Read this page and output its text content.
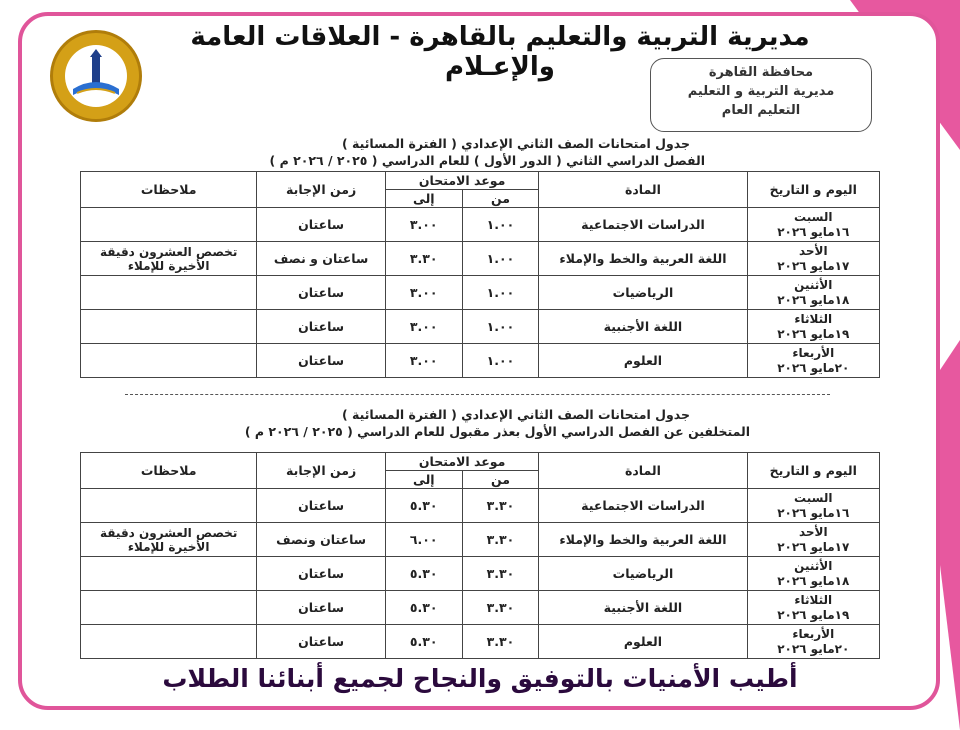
مديرية التربية والتعليم بالقاهرة - العلاقات العامة والإعـلام	محافظة القاهرة
مديرية التربية و التعليم
التعليم العام
جدول امتحانات الصف الثاني الإعدادي ( الفترة المسائية )
الفصل الدراسي الثاني ( الدور الأول ) للعام الدراسي ( ٢٠٢٥ / ٢٠٢٦ م )
اليوم و التاريخ	المادة	موعد الامتحان		زمن الإجابة	ملاحظات
		من	إلى		

السبت
١٦مايو ٢٠٢٦	الدراسات الاجتماعية	١.٠٠	٣.٠٠	ساعتان	

الأحد
١٧مايو ٢٠٢٦	اللغة العربية والخط والإملاء	١.٠٠	٣.٣٠	ساعتان و نصف	تخصص العشرون دقيقة الأخيرة للإملاء

الأثنين
١٨مايو ٢٠٢٦	الرياضيات	١.٠٠	٣.٠٠	ساعتان	

الثلاثاء
١٩مايو ٢٠٢٦	اللغة الأجنبية	١.٠٠	٣.٠٠	ساعتان	

الأربعاء
٢٠مايو ٢٠٢٦	العلوم	١.٠٠	٣.٠٠	ساعتان	
جدول امتحانات الصف الثاني الإعدادي ( الفترة المسائية )
المتخلفين عن الفصل الدراسي الأول بعذر مقبول للعام الدراسي ( ٢٠٢٥ / ٢٠٢٦ م )
اليوم و التاريخ	المادة	موعد الامتحان		زمن الإجابة	ملاحظات
		من	إلى		

السبت
١٦مايو ٢٠٢٦	الدراسات الاجتماعية	٣.٣٠	٥.٣٠	ساعتان	

الأحد
١٧مايو ٢٠٢٦	اللغة العربية والخط والإملاء	٣.٣٠	٦.٠٠	ساعتان ونصف	تخصص العشرون دقيقة الأخيرة للإملاء

الأثنين
١٨مايو ٢٠٢٦	الرياضيات	٣.٣٠	٥.٣٠	ساعتان	

الثلاثاء
١٩مايو ٢٠٢٦	اللغة الأجنبية	٣.٣٠	٥.٣٠	ساعتان	

الأربعاء
٢٠مايو ٢٠٢٦	العلوم	٣.٣٠	٥.٣٠	ساعتان	
أطيب الأمنيات بالتوفيق والنجاح لجميع أبنائنا الطلاب
